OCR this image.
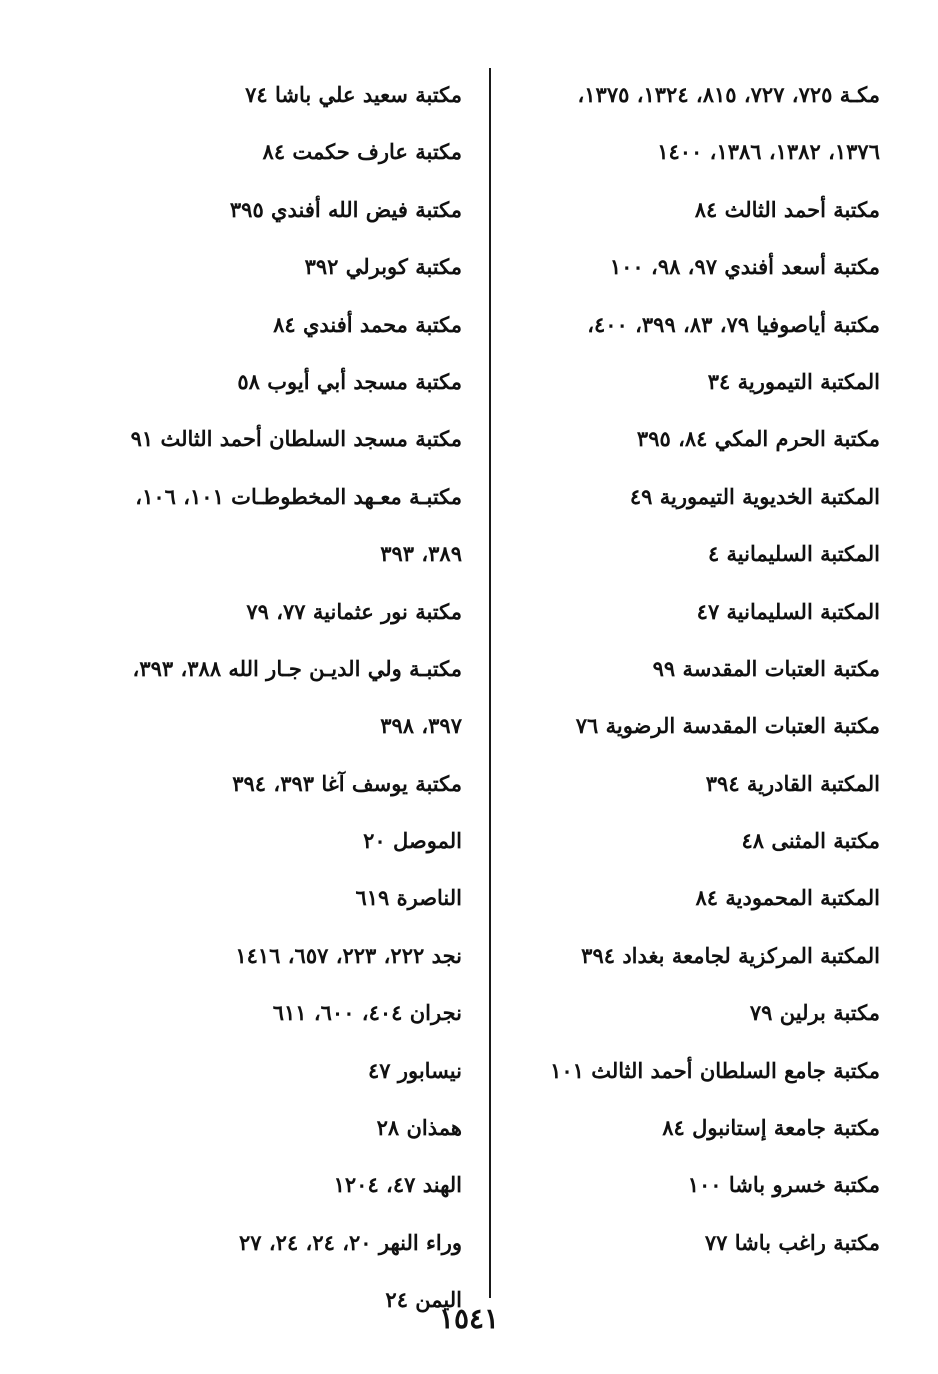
مكـة ٧٢٥، ٧٢٧، ٨١٥، ١٣٢٤، ١٣٧٥،
١٣٧٦، ١٣٨٢، ١٣٨٦، ١٤٠٠
مكتبة أحمد الثالث ٨٤
مكتبة أسعد أفندي ٩٧، ٩٨، ١٠٠
مكتبة أياصوفيا ٧٩، ٨٣، ٣٩٩، ٤٠٠،
المكتبة التيمورية ٣٤
مكتبة الحرم المكي ٨٤، ٣٩٥
المكتبة الخديوية التيمورية ٤٩
المكتبة السليمانية ٤
المكتبة السليمانية ٤٧
مكتبة العتبات المقدسة ٩٩
مكتبة العتبات المقدسة الرضوية ٧٦
المكتبة القادرية ٣٩٤
مكتبة المثنى ٤٨
المكتبة المحمودية ٨٤
المكتبة المركزية لجامعة بغداد ٣٩٤
مكتبة برلين ٧٩
مكتبة جامع السلطان أحمد الثالث ١٠١
مكتبة جامعة إستانبول ٨٤
مكتبة خسرو باشا ١٠٠
مكتبة راغب باشا ٧٧
مكتبة سعيد علي باشا ٧٤
مكتبة عارف حكمت ٨٤
مكتبة فيض الله أفندي ٣٩٥
مكتبة كوبرلي ٣٩٢
مكتبة محمد أفندي ٨٤
مكتبة مسجد أبي أيوب ٥٨
مكتبة مسجد السلطان أحمد الثالث ٩١
مكتبـة معـهد المخطوطـات ١٠١، ١٠٦،
٣٨٩، ٣٩٣
مكتبة نور عثمانية ٧٧، ٧٩
مكتبـة ولي الديـن جـار الله ٣٨٨، ٣٩٣،
٣٩٧، ٣٩٨
مكتبة يوسف آغا ٣٩٣، ٣٩٤
الموصل ٢٠
الناصرة ٦١٩
نجد ٢٢٢، ٢٢٣، ٦٥٧، ١٤١٦
نجران ٤٠٤، ٦٠٠، ٦١١
نيسابور ٤٧
همذان ٢٨
الهند ٤٧، ١٢٠٤
وراء النهر ٢٠، ٢٤، ٢٤، ٢٧
اليمن ٢٤
١٥٤١
